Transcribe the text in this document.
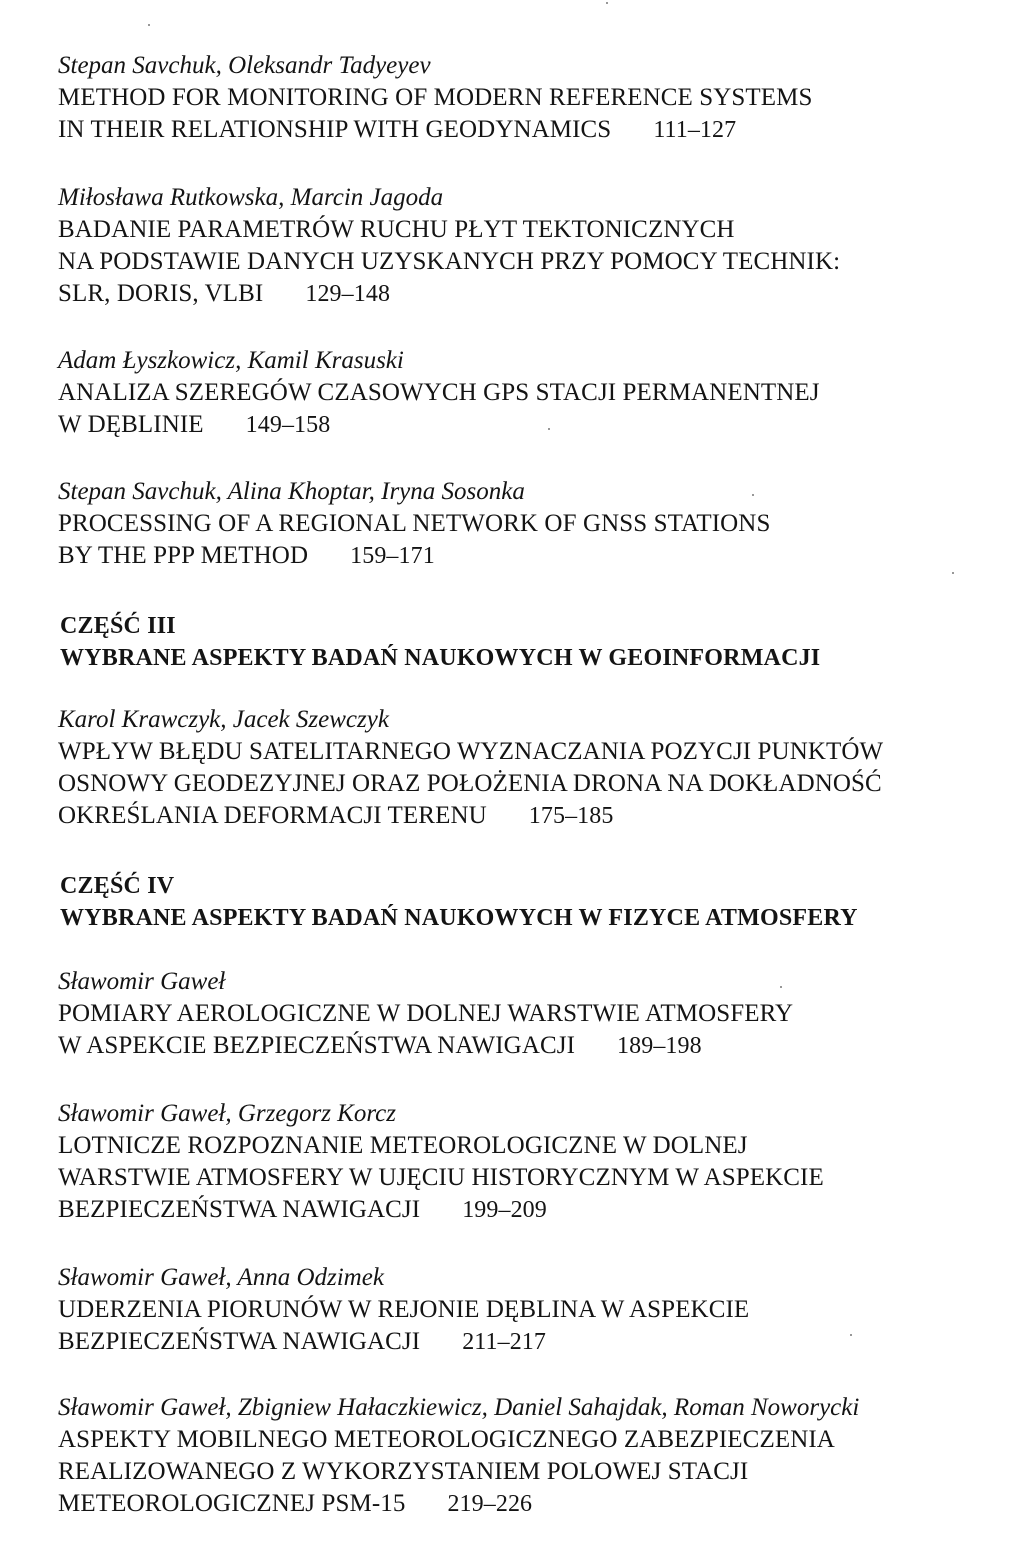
Stepan Savchuk, Oleksandr Tadyeyev
METHOD FOR MONITORING OF MODERN REFERENCE SYSTEMS
IN THEIR RELATIONSHIP WITH GEODYNAMICS 111–127
Miłosława Rutkowska, Marcin Jagoda
BADANIE PARAMETRÓW RUCHU PŁYT TEKTONICZNYCH
NA PODSTAWIE DANYCH UZYSKANYCH PRZY POMOCY TECHNIK:
SLR, DORIS, VLBI 129–148
Adam Łyszkowicz, Kamil Krasuski
ANALIZA SZEREGÓW CZASOWYCH GPS STACJI PERMANENTNEJ
W DĘBLINIE 149–158
Stepan Savchuk, Alina Khoptar, Iryna Sosonka
PROCESSING OF A REGIONAL NETWORK OF GNSS STATIONS
BY THE PPP METHOD 159–171
CZĘŚĆ III
WYBRANE ASPEKTY BADAŃ NAUKOWYCH W GEOINFORMACJI
Karol Krawczyk, Jacek Szewczyk
WPŁYW BŁĘDU SATELITARNEGO WYZNACZANIA POZYCJI PUNKTÓW
OSNOWY GEODEZYJNEJ ORAZ POŁOŻENIA DRONA NA DOKŁADNOŚĆ
OKREŚLANIA DEFORMACJI TERENU 175–185
CZĘŚĆ IV
WYBRANE ASPEKTY BADAŃ NAUKOWYCH W FIZYCE ATMOSFERY
Sławomir Gaweł
POMIARY AEROLOGICZNE W DOLNEJ WARSTWIE ATMOSFERY
W ASPEKCIE BEZPIECZEŃSTWA NAWIGACJI 189–198
Sławomir Gaweł, Grzegorz Korcz
LOTNICZE ROZPOZNANIE METEOROLOGICZNE W DOLNEJ
WARSTWIE ATMOSFERY W UJĘCIU HISTORYCZNYM W ASPEKCIE
BEZPIECZEŃSTWA NAWIGACJI 199–209
Sławomir Gaweł, Anna Odzimek
UDERZENIA PIORUNÓW W REJONIE DĘBLINA W ASPEKCIE
BEZPIECZEŃSTWA NAWIGACJI 211–217
Sławomir Gaweł, Zbigniew Hałaczkiewicz, Daniel Sahajdak, Roman Noworycki
ASPEKTY MOBILNEGO METEOROLOGICZNEGO ZABEZPIECZENIA
REALIZOWANEGO Z WYKORZYSTANIEM POLOWEJ STACJI
METEOROLOGICZNEJ PSM-15 219–226
